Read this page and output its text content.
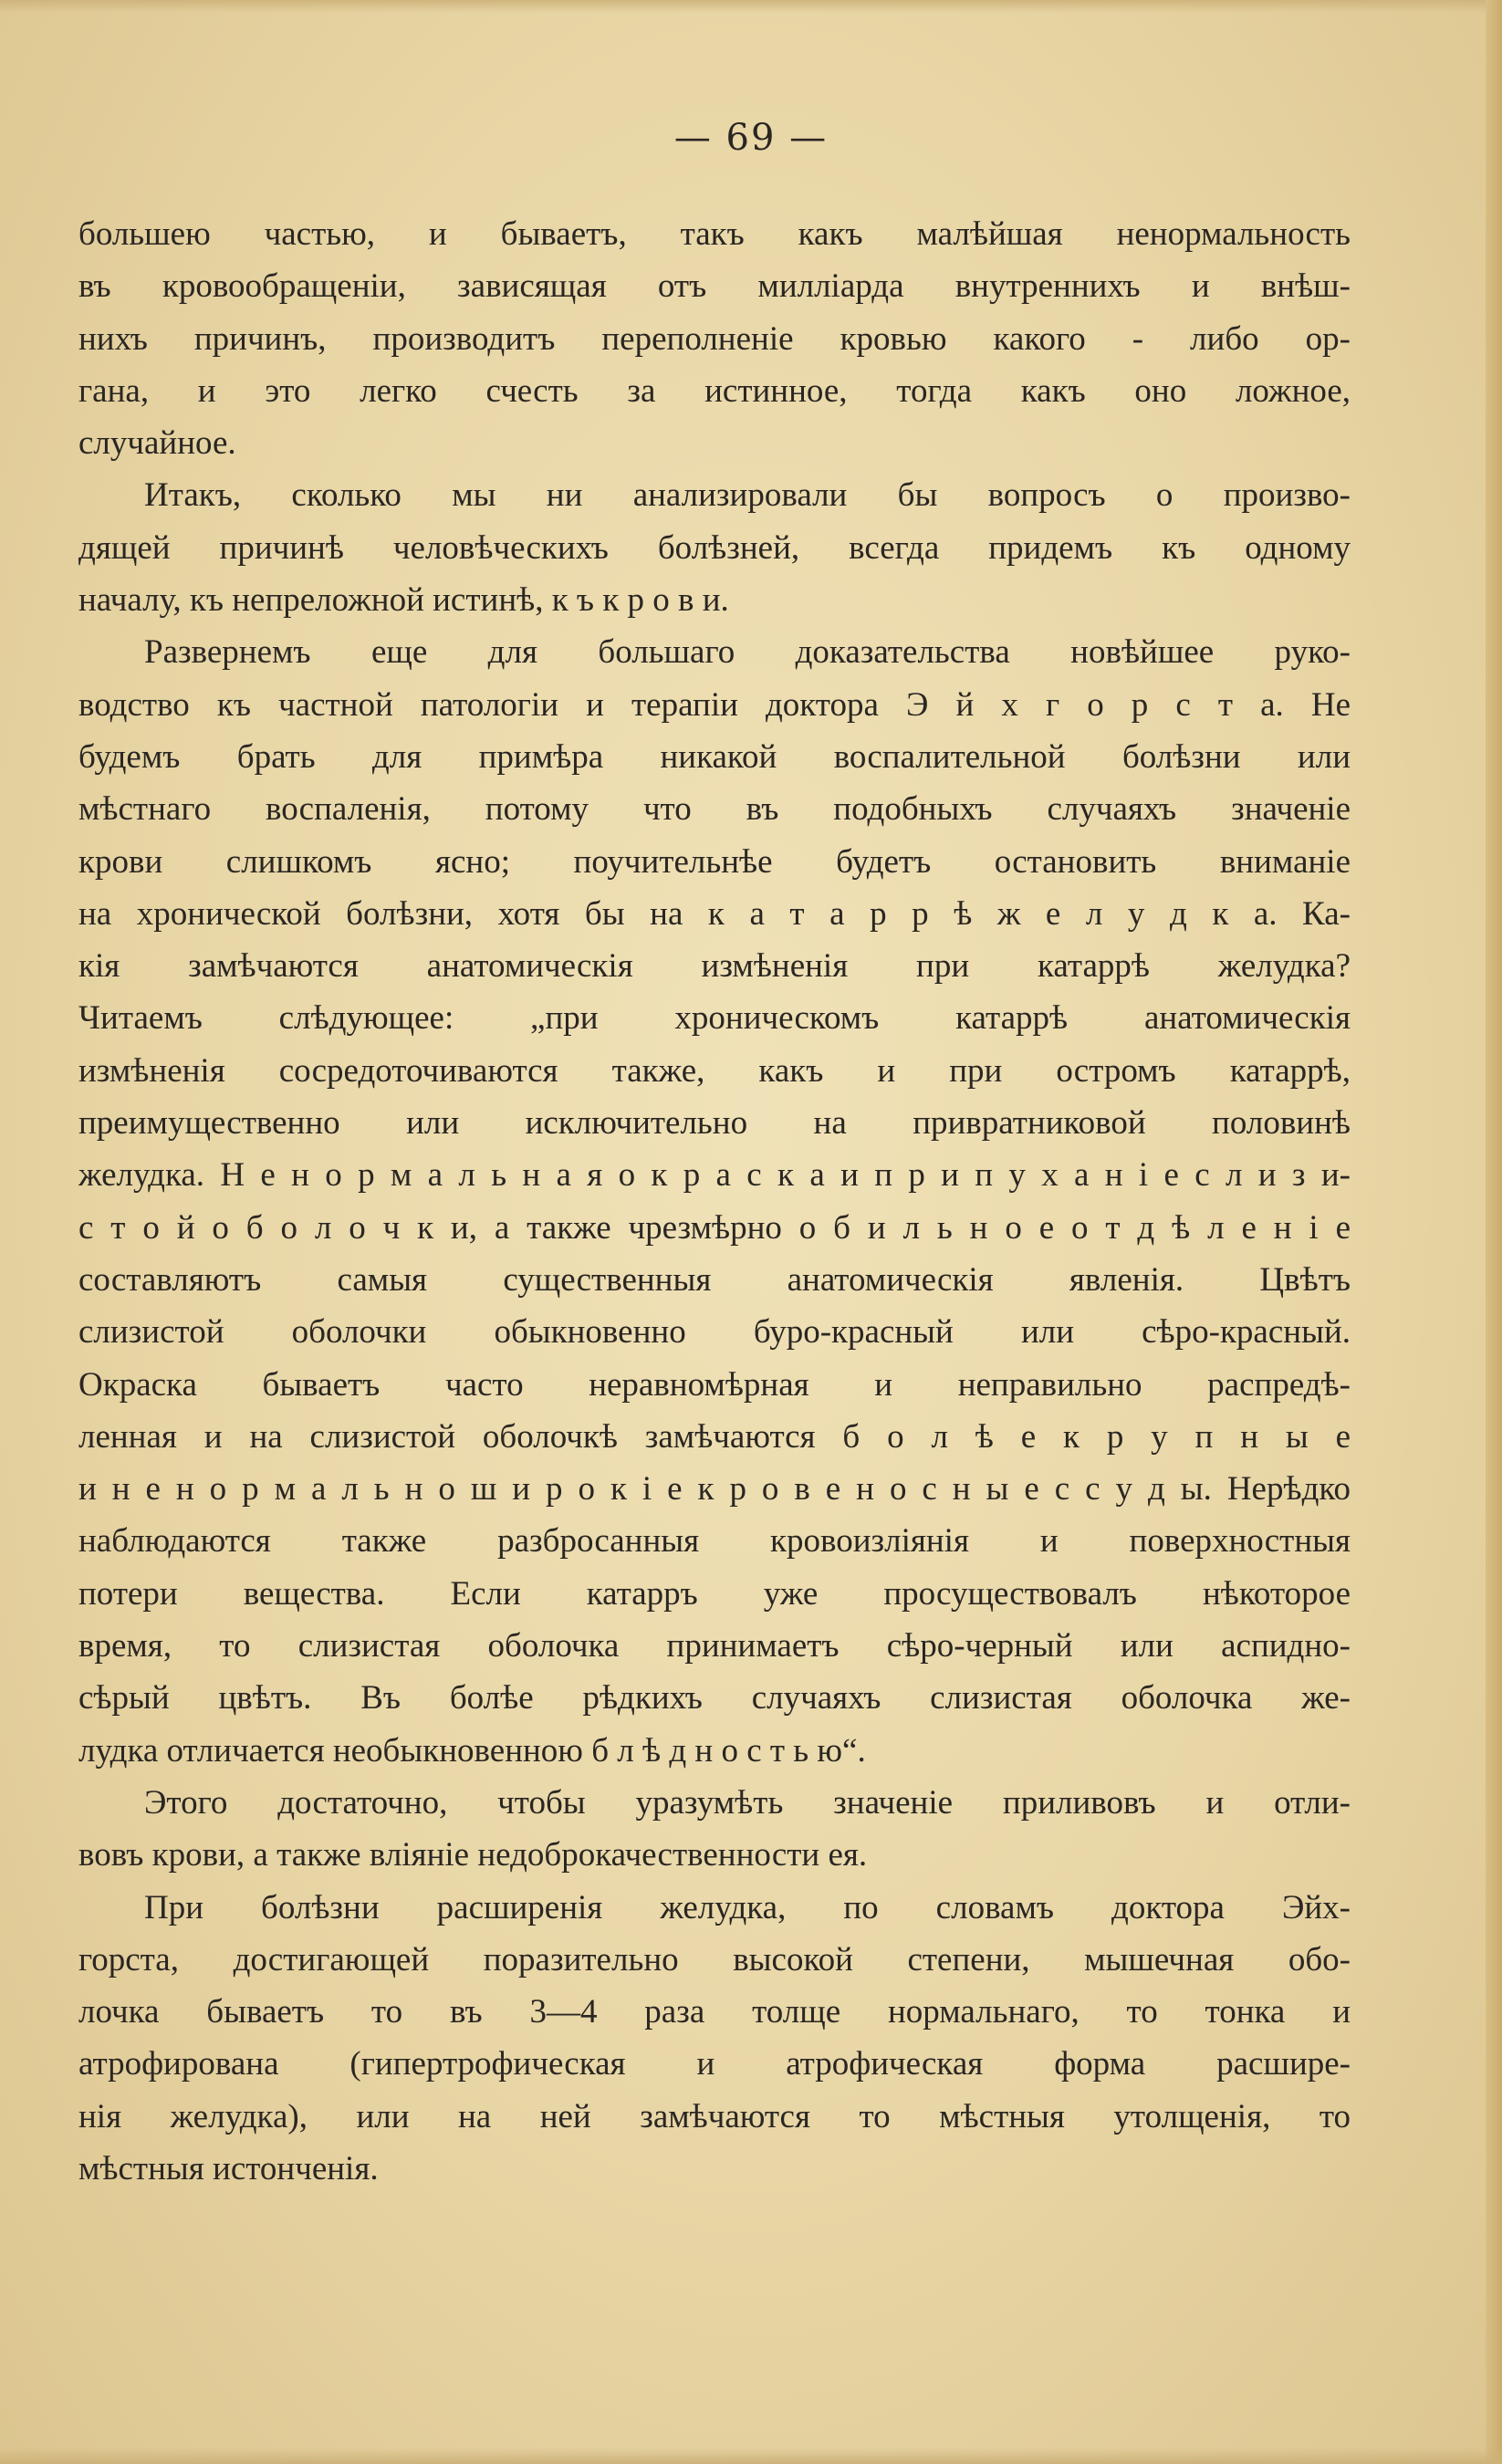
— 69 —
большею частью, и бываетъ, такъ какъ малѣйшая ненормальность
въ кровообращеніи, зависящая отъ милліарда внутреннихъ и внѣш-
нихъ причинъ, производитъ переполненіе кровью какого - либо ор-
гана, и это легко счесть за истинное, тогда какъ оно ложное,
случайное.
Итакъ, сколько мы ни анализировали бы вопросъ о произво-
дящей причинѣ человѣческихъ болѣзней, всегда придемъ къ одному
началу, къ непреложной истинѣ, к ъ к р о в и.
Развернемъ еще для большаго доказательства новѣйшее руко-
водство къ частной патологіи и терапіи доктора Э й х г о р с т а. Не
будемъ брать для примѣра никакой воспалительной болѣзни или
мѣстнаго воспаленія, потому что въ подобныхъ случаяхъ значеніе
крови слишкомъ ясно; поучительнѣе будетъ остановить вниманіе
на хронической болѣзни, хотя бы на к а т а р р ѣ ж е л у д к а. Ка-
кія замѣчаются анатомическія измѣненія при катаррѣ желудка?
Читаемъ слѣдующее: „при хроническомъ катаррѣ анатомическія
измѣненія сосредоточиваются также, какъ и при остромъ катаррѣ,
преимущественно или исключительно на привратниковой половинѣ
желудка. Н е н о р м а л ь н а я о к р а с к а и п р и п у х а н і е с л и з и-
с т о й о б о л о ч к и, а также чрезмѣрно о б и л ь н о е о т д ѣ л е н і е
составляютъ самыя существенныя анатомическія явленія. Цвѣтъ
слизистой оболочки обыкновенно буро-красный или сѣро-красный.
Окраска бываетъ часто неравномѣрная и неправильно распредѣ-
ленная и на слизистой оболочкѣ замѣчаются б о л ѣ е к р у п н ы е
и н е н о р м а л ь н о ш и р о к і е к р о в е н о с н ы е с с у д ы. Нерѣдко
наблюдаются также разбросанныя кровоизліянія и поверхностныя
потери вещества. Если катарръ уже просуществовалъ нѣкоторое
время, то слизистая оболочка принимаетъ сѣро-черный или аспидно-
сѣрый цвѣтъ. Въ болѣе рѣдкихъ случаяхъ слизистая оболочка же-
лудка отличается необыкновенною б л ѣ д н о с т ь ю“.
Этого достаточно, чтобы уразумѣть значеніе приливовъ и отли-
вовъ крови, а также вліяніе недоброкачественности ея.
При болѣзни расширенія желудка, по словамъ доктора Эйх-
горста, достигающей поразительно высокой степени, мышечная обо-
лочка бываетъ то въ 3—4 раза толще нормальнаго, то тонка и
атрофирована (гипертрофическая и атрофическая форма расшире-
нія желудка), или на ней замѣчаются то мѣстныя утолщенія, то
мѣстныя истонченія.
